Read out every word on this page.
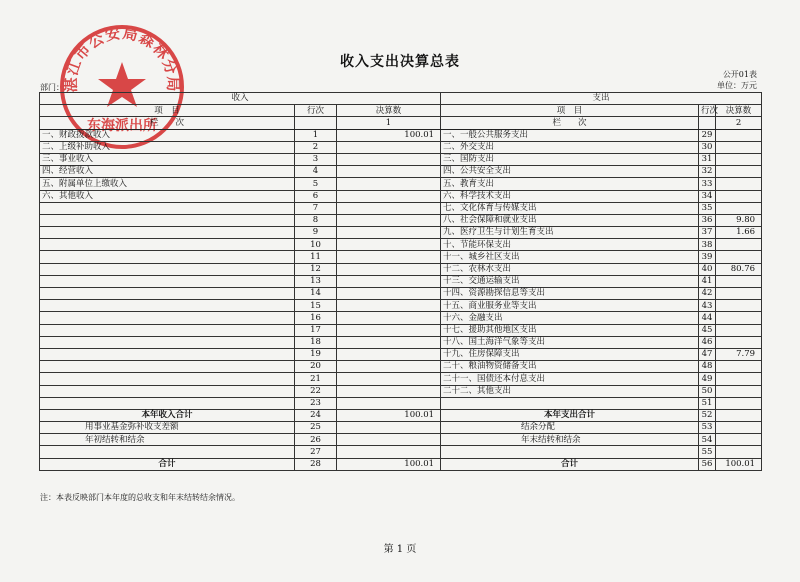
湛江市公安局森林分局
东海派出所
收入支出决算总表
公开01表
单位：万元
部门：
收入			支出		
项　目	行次	决算数	项　目	行次	决算数
栏　　次		1	栏　　次		2
一、财政拨款收入	1	100.01	一、一般公共服务支出	29	
二、上级补助收入	2		二、外交支出	30	
三、事业收入	3		三、国防支出	31	
四、经营收入	4		四、公共安全支出	32	
五、附属单位上缴收入	5		五、教育支出	33	
六、其他收入	6		六、科学技术支出	34	
	7		七、文化体育与传媒支出	35	
	8		八、社会保障和就业支出	36	9.80
	9		九、医疗卫生与计划生育支出	37	1.66
	10		十、节能环保支出	38	
	11		十一、城乡社区支出	39	
	12		十二、农林水支出	40	80.76
	13		十三、交通运输支出	41	
	14		十四、资源勘探信息等支出	42	
	15		十五、商业服务业等支出	43	
	16		十六、金融支出	44	
	17		十七、援助其他地区支出	45	
	18		十八、国土海洋气象等支出	46	
	19		十九、住房保障支出	47	7.79
	20		二十、粮油物资储备支出	48	
	21		二十一、国债还本付息支出	49	
	22		二十二、其他支出	50	
	23			51	
本年收入合计	24	100.01	本年支出合计	52	
用事业基金弥补收支差额	25		结余分配	53	
年初结转和结余	26		年末结转和结余	54	
	27			55	
合计	28	100.01	合计	56	100.01
注：本表反映部门本年度的总收支和年末结转结余情况。
第 1 页
